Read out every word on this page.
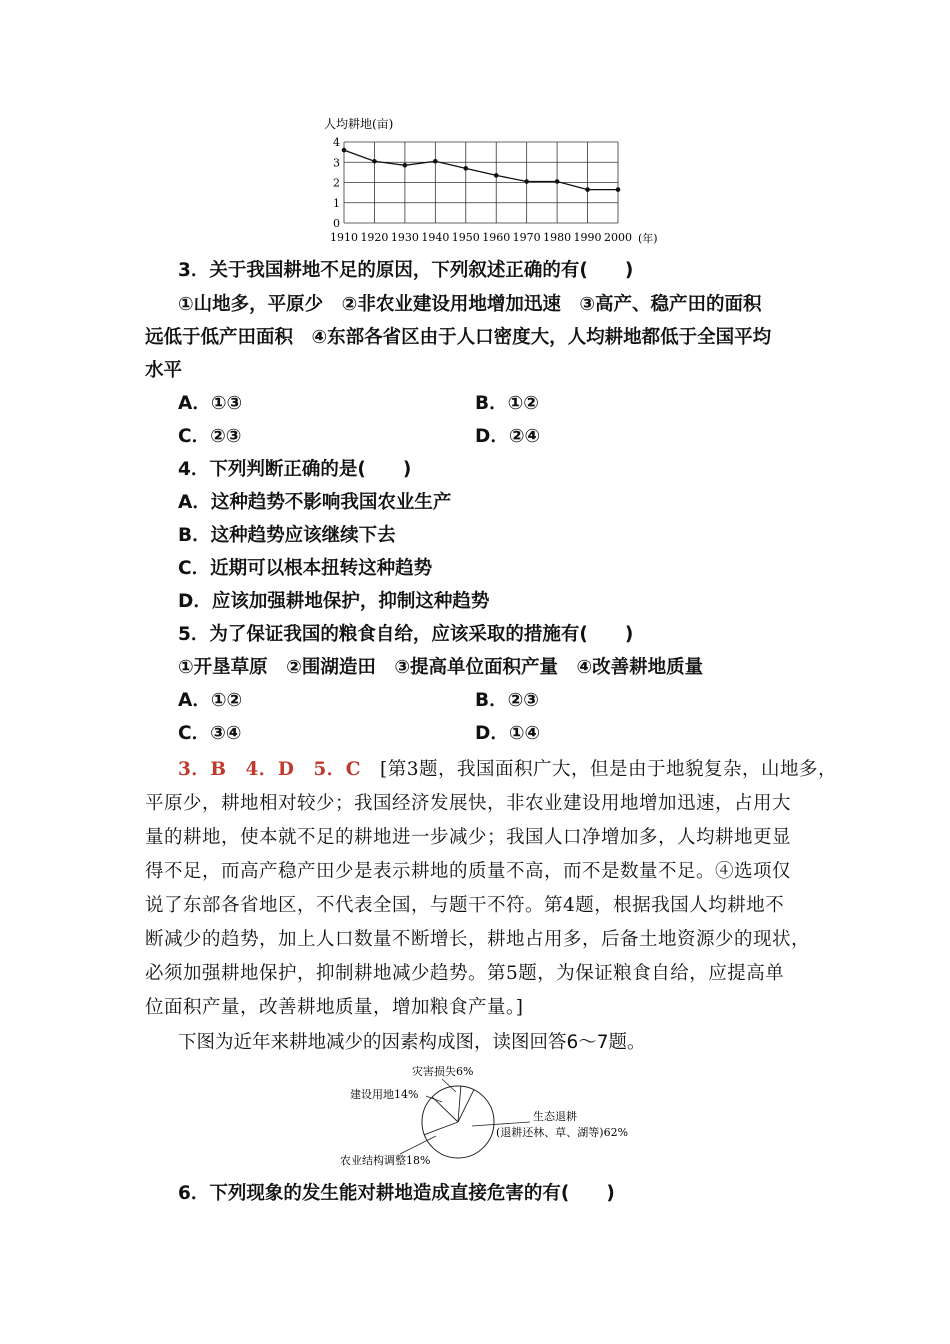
人均耕地(亩)
0
1
2
3
4
1910 1920 1930 1940 1950 1960 1970 1980 1990 2000 (年)
3．关于我国耕地不足的原因，下列叙述正确的有(　　)
①山地多，平原少　②非农业建设用地增加迅速　③高产、稳产田的面积
远低于低产田面积　④东部各省区由于人口密度大，人均耕地都低于全国平均
水平
A．①③	B．①②
C．②③	D．②④
4．下列判断正确的是(　　)
A．这种趋势不影响我国农业生产
B．这种趋势应该继续下去
C．近期可以根本扭转这种趋势
D．应该加强耕地保护，抑制这种趋势
5．为了保证我国的粮食自给，应该采取的措施有(　　)
①开垦草原　②围湖造田　③提高单位面积产量　④改善耕地质量
A．①②	B．②③
C．③④	D．①④
3．B　4．D　5．C　 [第3题，我国面积广大，但是由于地貌复杂，山地多，
平原少，耕地相对较少；我国经济发展快，非农业建设用地增加迅速，占用大
量的耕地，使本就不足的耕地进一步减少；我国人口净增加多，人均耕地更显
得不足，而高产稳产田少是表示耕地的质量不高，而不是数量不足。④选项仅
说了东部各省地区，不代表全国，与题干不符。第4题，根据我国人均耕地不
断减少的趋势，加上人口数量不断增长，耕地占用多，后备土地资源少的现状，
必须加强耕地保护，抑制耕地减少趋势。第5题，为保证粮食自给，应提高单
位面积产量，改善耕地质量，增加粮食产量。]
下图为近年来耕地减少的因素构成图，读图回答6～7题。
灾害损失6%
建设用地14%
生态退耕
(退耕还林、草、湖等)62%
农业结构调整18%
6．下列现象的发生能对耕地造成直接危害的有(　　)
